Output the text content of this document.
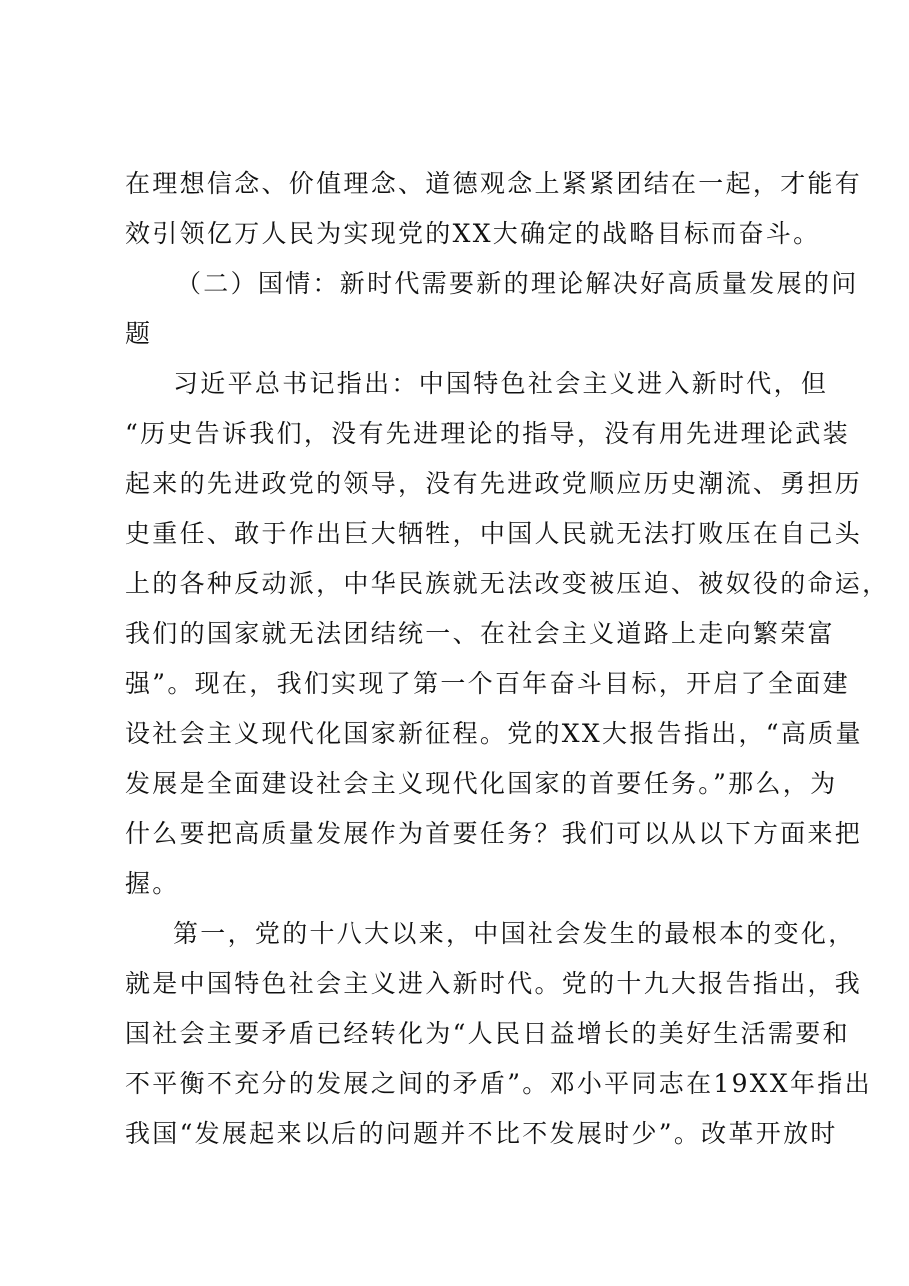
在理想信念、价值理念、道德观念上紧紧团结在一起，才能有
效引领亿万人民为实现党的XX大确定的战略目标而奋斗。
（二）国情：新时代需要新的理论解决好高质量发展的问
题
习近平总书记指出：中国特色社会主义进入新时代，但
“历史告诉我们，没有先进理论的指导，没有用先进理论武装
起来的先进政党的领导，没有先进政党顺应历史潮流、勇担历
史重任、敢于作出巨大牺牲，中国人民就无法打败压在自己头
上的各种反动派，中华民族就无法改变被压迫、被奴役的命运，
我们的国家就无法团结统一、在社会主义道路上走向繁荣富
强”。现在，我们实现了第一个百年奋斗目标，开启了全面建
设社会主义现代化国家新征程。党的XX大报告指出，“高质量
发展是全面建设社会主义现代化国家的首要任务。”那么，为
什么要把高质量发展作为首要任务？我们可以从以下方面来把
握。
第一，党的十八大以来，中国社会发生的最根本的变化，
就是中国特色社会主义进入新时代。党的十九大报告指出，我
国社会主要矛盾已经转化为“人民日益增长的美好生活需要和
不平衡不充分的发展之间的矛盾”。邓小平同志在19XX年指出
我国“发展起来以后的问题并不比不发展时少”。改革开放时
